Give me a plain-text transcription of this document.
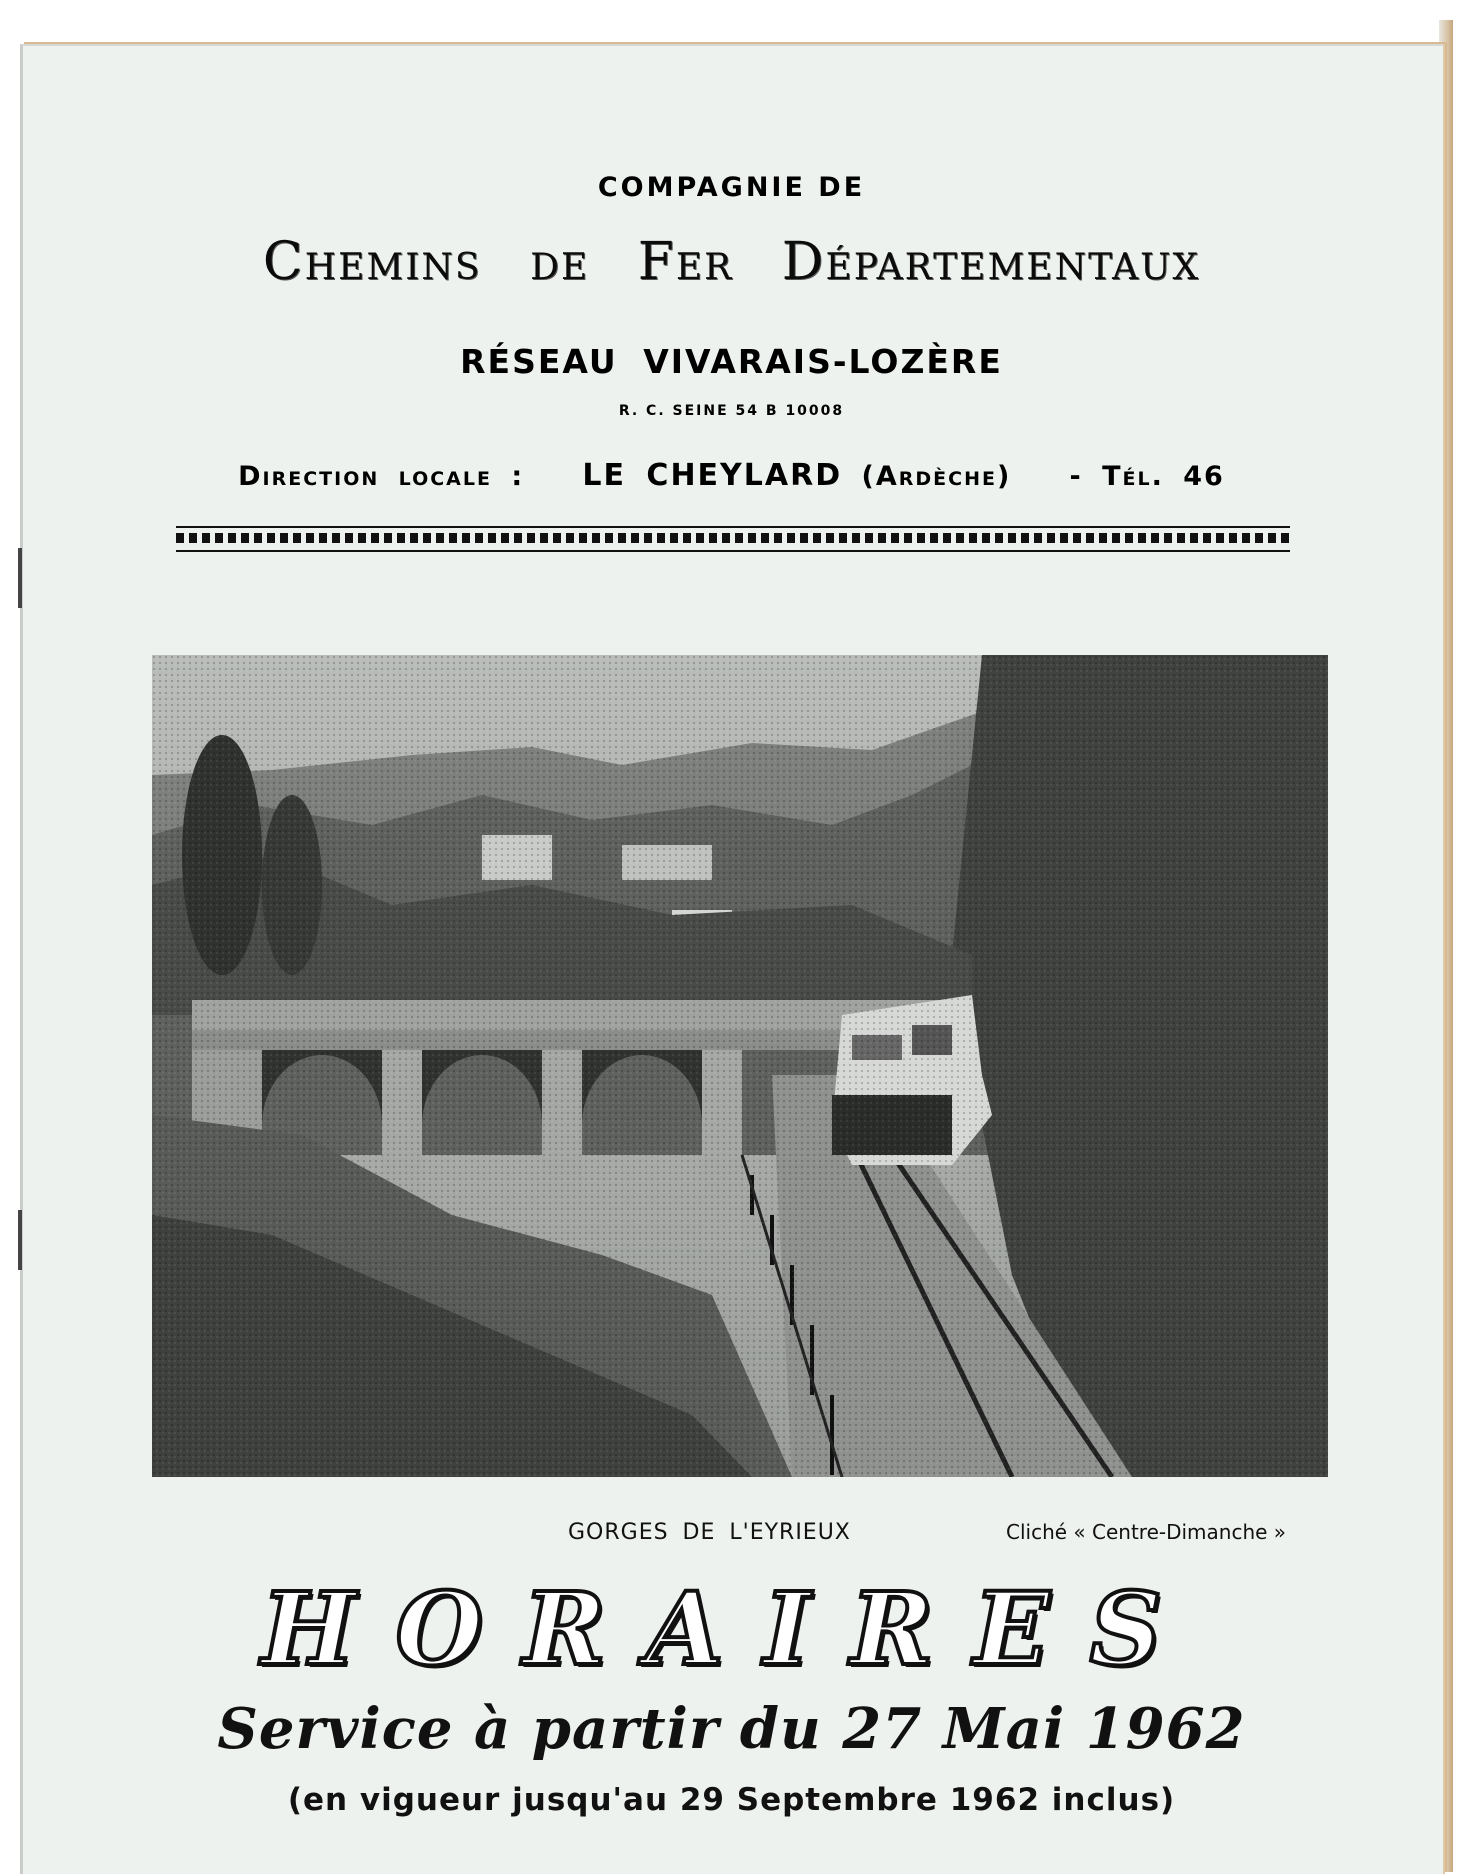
COMPAGNIE DE
Chemins de Fer Départementaux
RÉSEAU VIVARAIS-LOZÈRE
R. C. SEINE 54 B 10008
Direction locale : LE CHEYLARD (Ardèche) - Tél. 46
GORGES DE L'EYRIEUX	Cliché « Centre-Dimanche »
HORAIRES
Service à partir du 27 Mai 1962
(en vigueur jusqu'au 29 Septembre 1962 inclus)
